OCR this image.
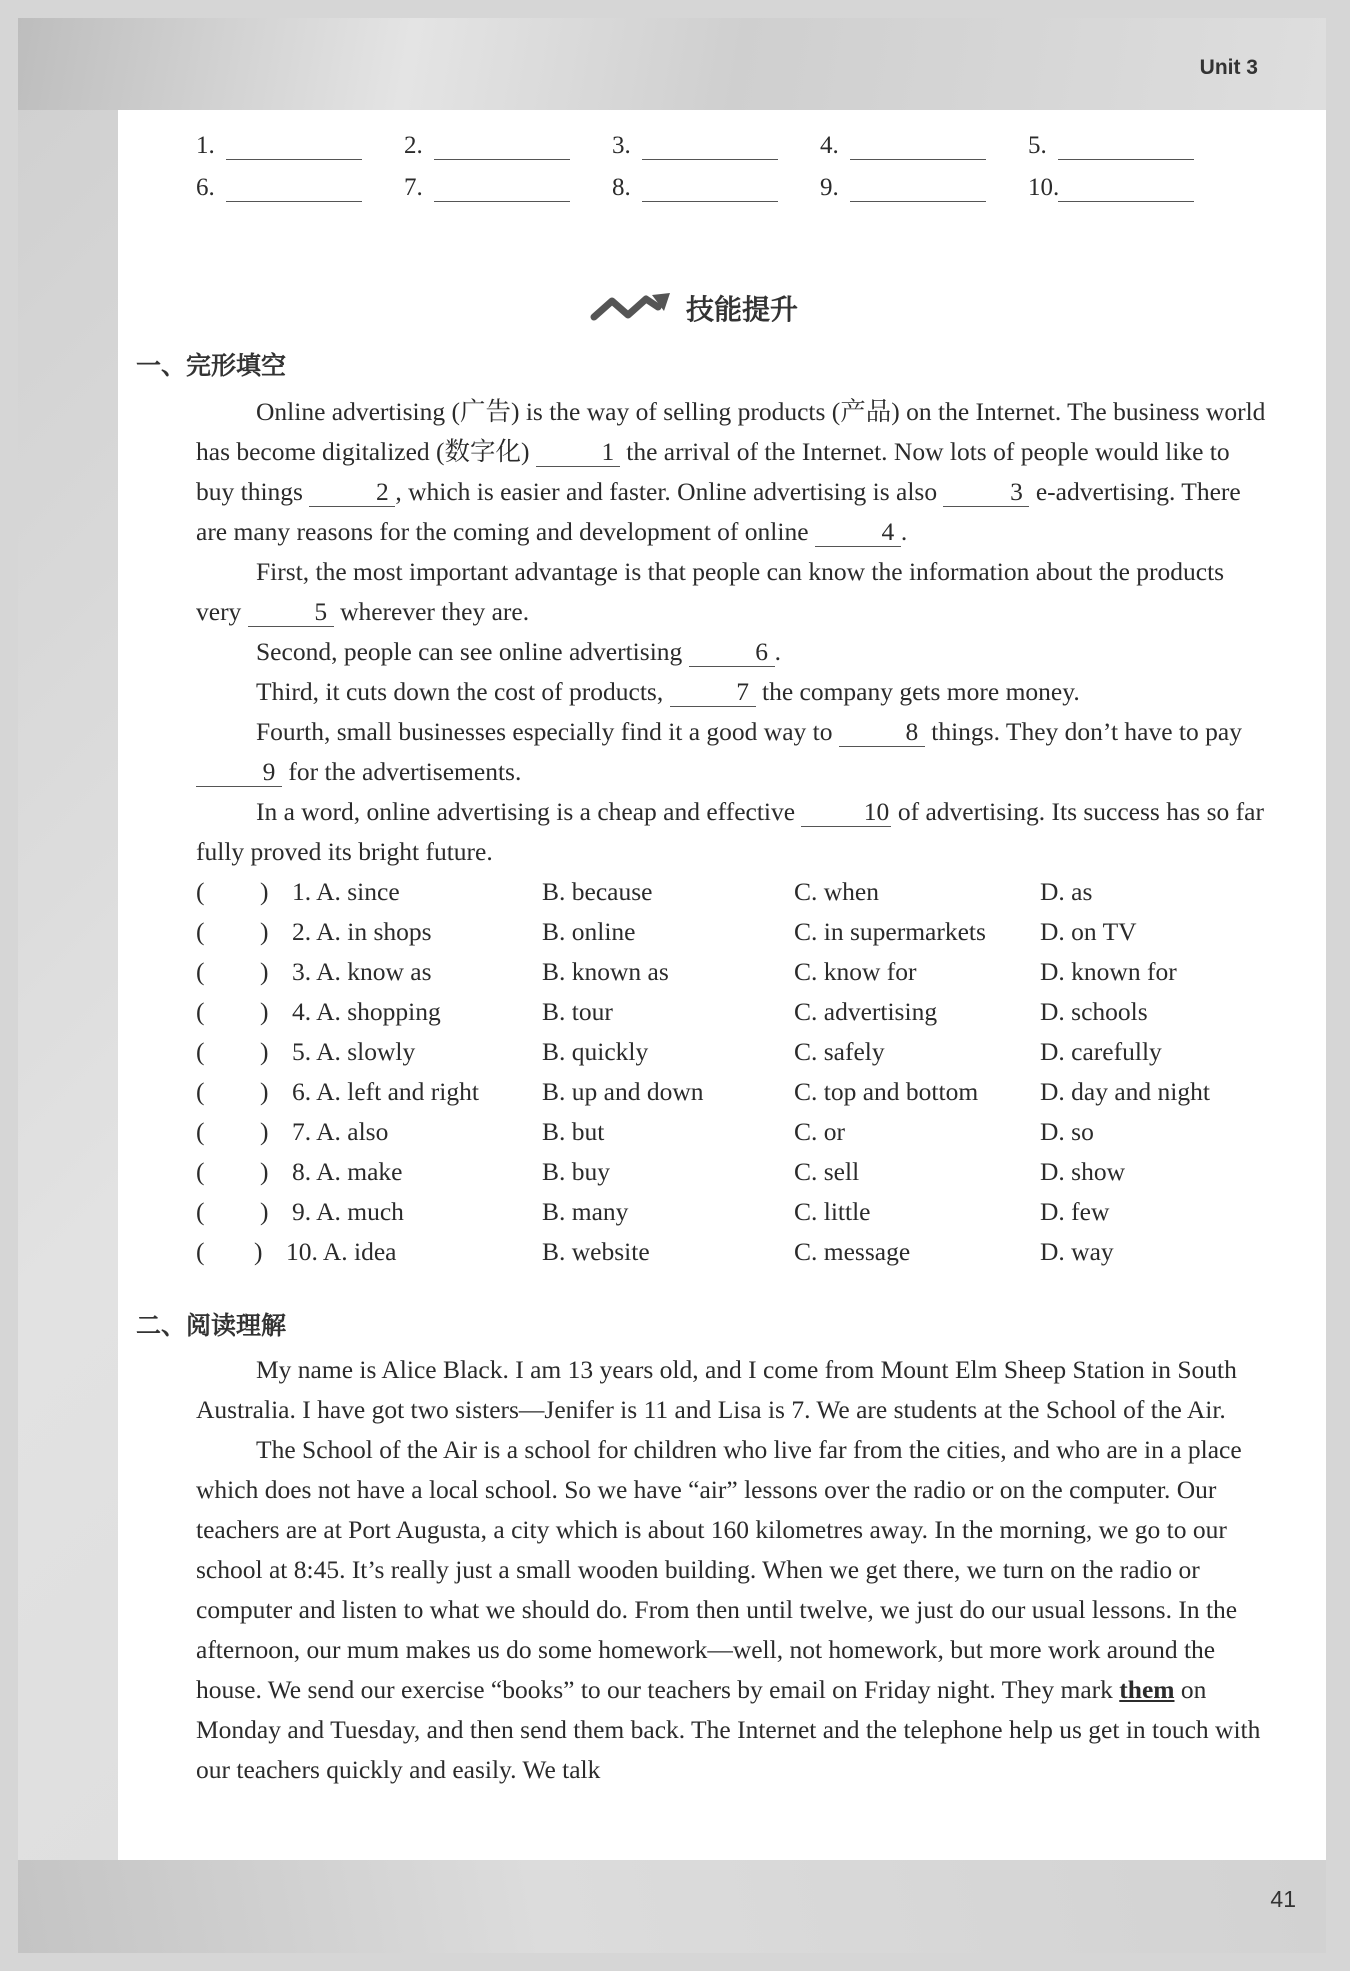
Unit 3
41
1.	2.	3.	4.	5.
6.	7.	8.	9.	10.
技能提升
一、完形填空

Online advertising (广告) is the way of selling products (产品) on the Internet. The business world has become digitalized (数字化)	1 the arrival of the Internet. Now lots of people would like to buy things	2 , which is easier and faster. Online advertising is also	3 e-advertising. There are many reasons for the coming and development of online	4 .

First, the most important advantage is that people can know the information about the products very	5 wherever they are.

Second, people can see online advertising	6 .

Third, it cuts down the cost of products,	7 the company gets more money.

Fourth, small businesses especially find it a good way to	8 things. They don’t have to pay 9 for the advertisements.

In a word, online advertising is a cheap and effective	10 of advertising. Its success has so far fully proved its bright future.

(	) 1. A. since	B. because	C. when	D. as
(	) 2. A. in shops	B. online	C. in supermarkets	D. on TV
(	) 3. A. know as	B. known as	C. know for	D. known for
(	) 4. A. shopping	B. tour	C. advertising	D. schools
(	) 5. A. slowly	B. quickly	C. safely	D. carefully
(	) 6. A. left and right	B. up and down	C. top and bottom	D. day and night
(	) 7. A. also	B. but	C. or	D. so
(	) 8. A. make	B. buy	C. sell	D. show
(	) 9. A. much	B. many	C. little	D. few
(	) 10. A. idea	B. website	C. message	D. way
二、阅读理解

My name is Alice Black. I am 13 years old, and I come from Mount Elm Sheep Station in South Australia. I have got two sisters—Jenifer is 11 and Lisa is 7. We are students at the School of the Air.

The School of the Air is a school for children who live far from the cities, and who are in a place which does not have a local school. So we have “air” lessons over the radio or on the computer. Our teachers are at Port Augusta, a city which is about 160 kilometres away. In the morning, we go to our school at 8:45. It’s really just a small wooden building. When we get there, we turn on the radio or computer and listen to what we should do. From then until twelve, we just do our usual lessons. In the afternoon, our mum makes us do some homework—well, not homework, but more work around the house. We send our exercise “books” to our teachers by email on Friday night. They mark them on Monday and Tuesday, and then send them back. The Internet and the telephone help us get in touch with our teachers quickly and easily. We talk
